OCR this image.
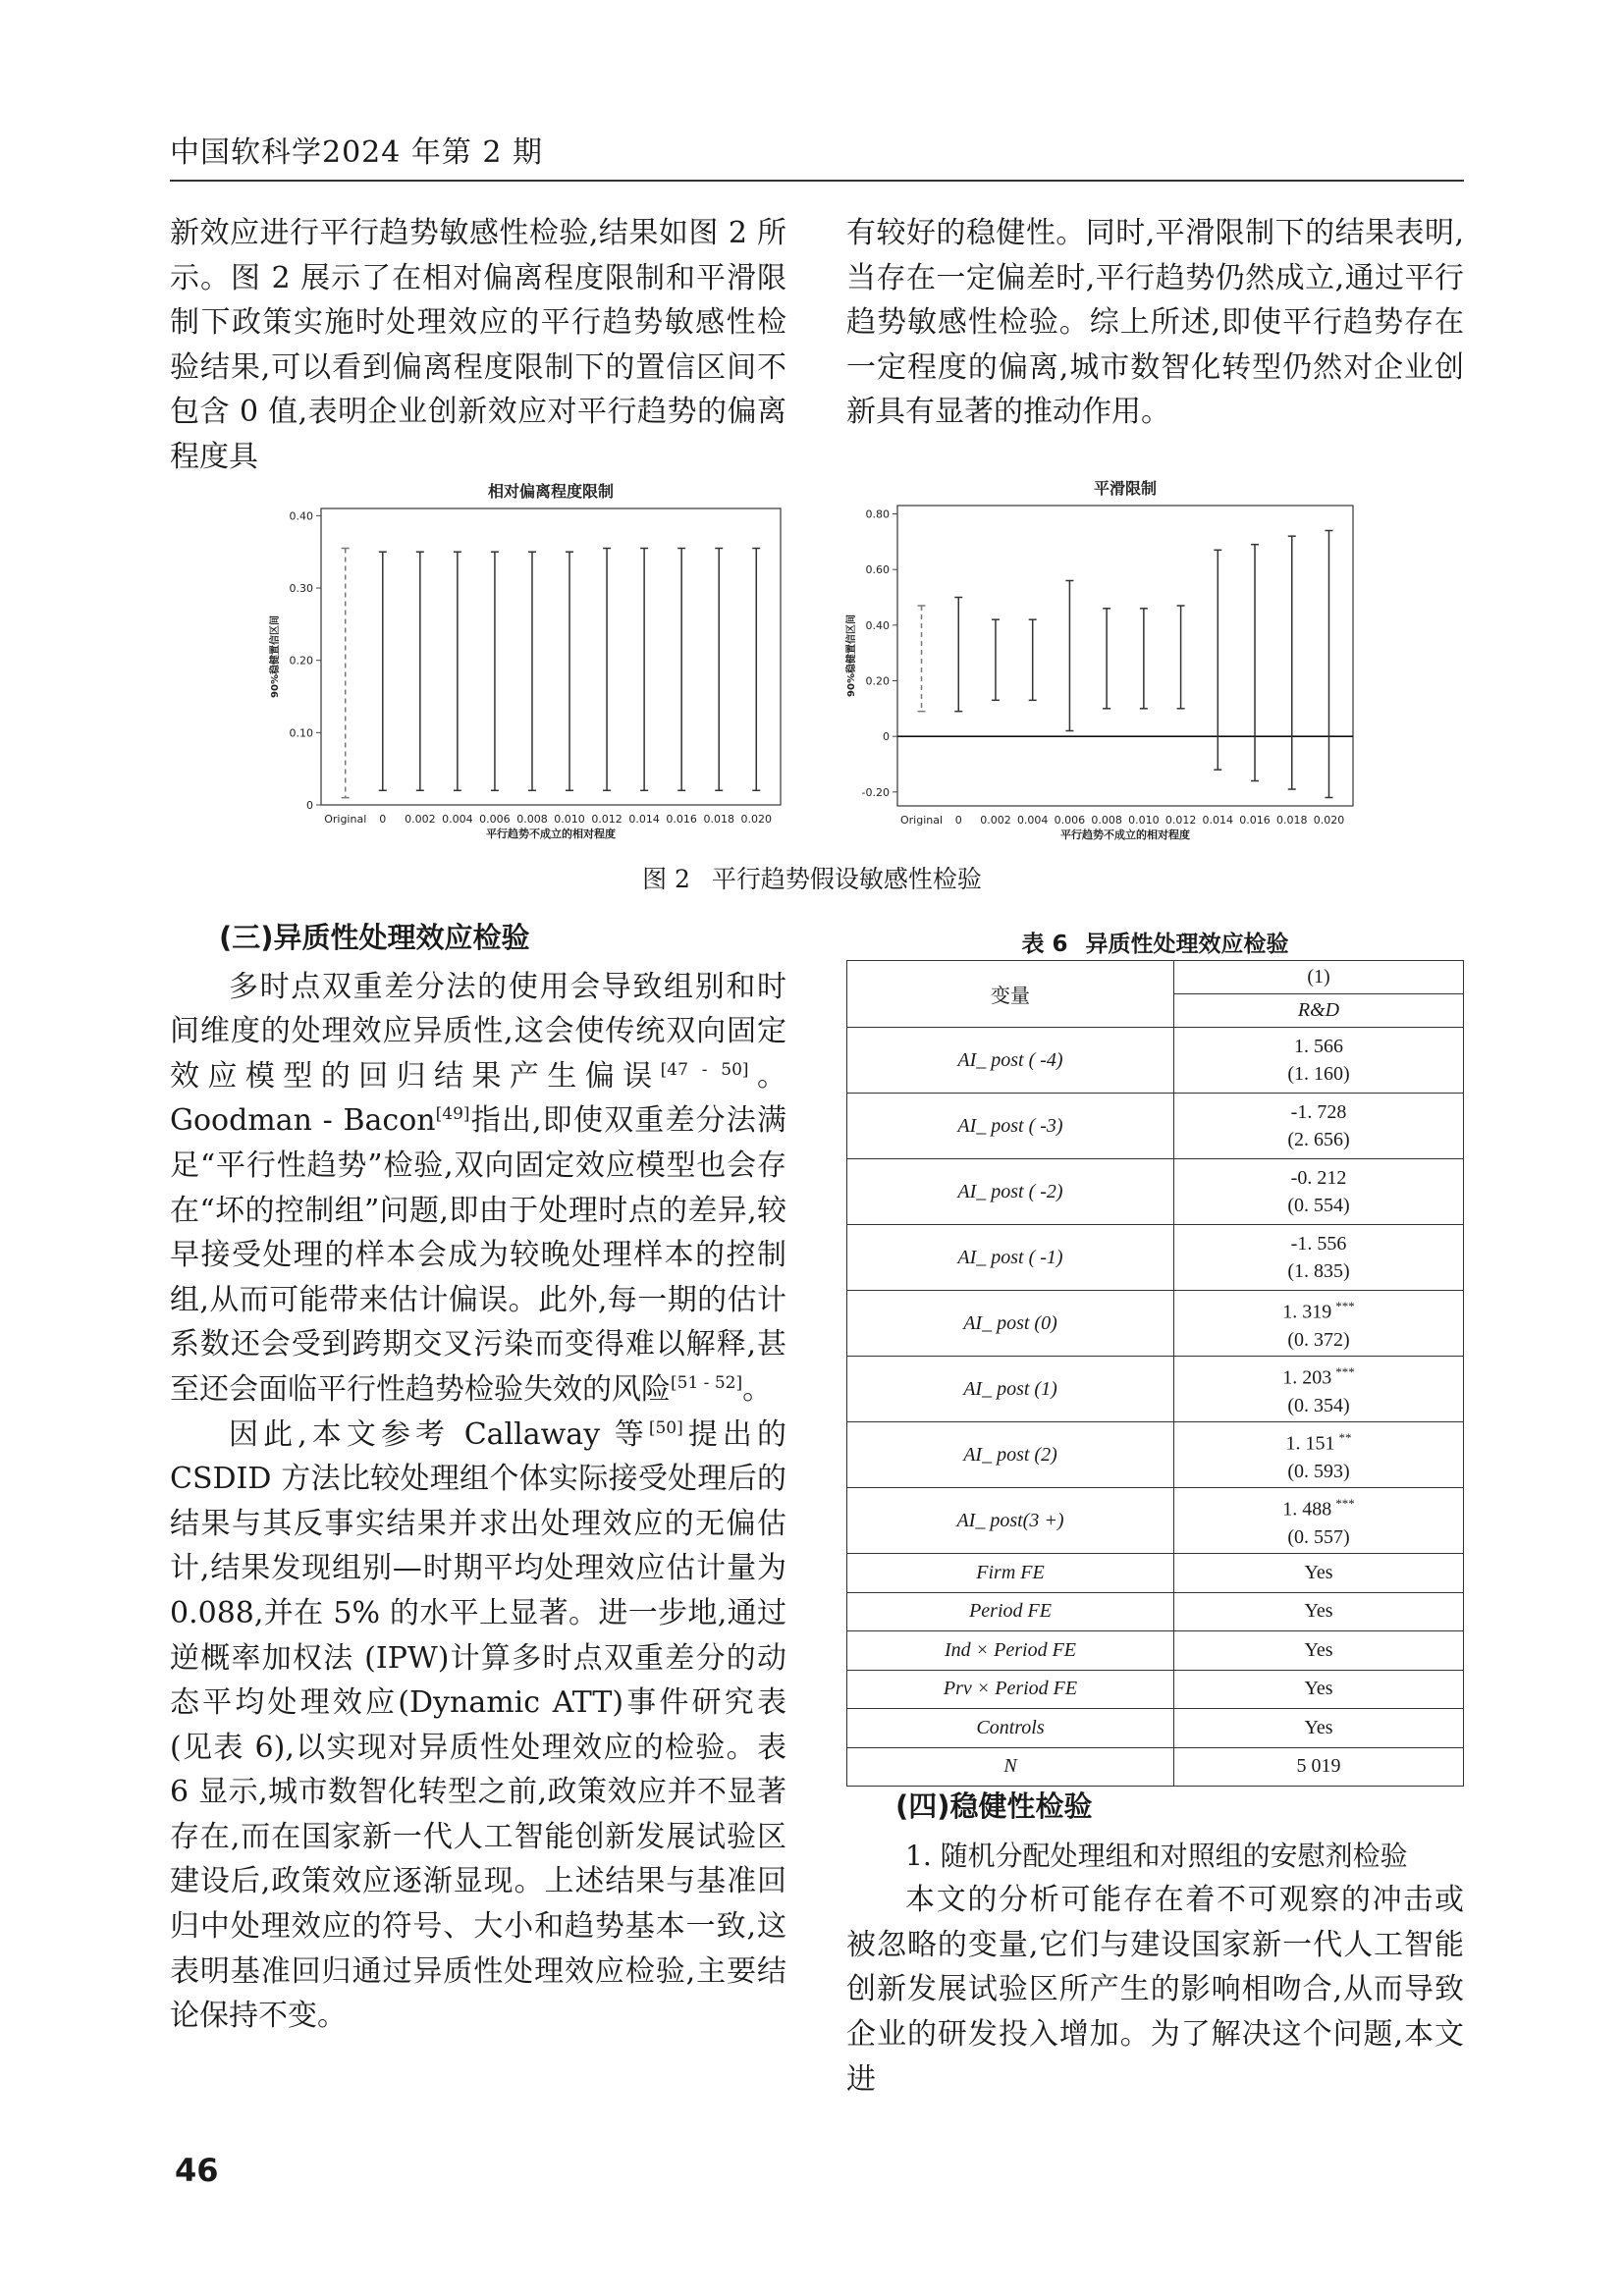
中国软科学2024 年第 2 期

新效应进行平行趋势敏感性检验,结果如图 2 所示。图 2 展示了在相对偏离程度限制和平滑限制下政策实施时处理效应的平行趋势敏感性检验结果,可以看到偏离程度限制下的置信区间不包含 0 值,表明企业创新效应对平行趋势的偏离程度具

有较好的稳健性。同时,平滑限制下的结果表明,当存在一定偏差时,平行趋势仍然成立,通过平行趋势敏感性检验。综上所述,即使平行趋势存在一定程度的偏离,城市数智化转型仍然对企业创新具有显著的推动作用。

相对偏离程度限制
0
0.10
0.20
0.30
0.40
Original 0 0.002 0.004 0.006 0.008 0.010 0.012 0.014 0.016 0.018 0.020
平行趋势不成立的相对程度
90%稳健置信区间
平滑限制
-0.20
0
0.20
0.40
0.60
0.80
Original 0 0.002 0.004 0.006 0.008 0.010 0.012 0.014 0.016 0.018 0.020
平行趋势不成立的相对程度
90%稳健置信区间
图 2 平行趋势假设敏感性检验

(三)异质性处理效应检验

多时点双重差分法的使用会导致组别和时间维度的处理效应异质性,这会使传统双向固定效应模型的回归结果产生偏误[47 - 50]。Goodman - Bacon[49]指出,即使双重差分法满足“平行性趋势”检验,双向固定效应模型也会存在“坏的控制组”问题,即由于处理时点的差异,较早接受处理的样本会成为较晚处理样本的控制组,从而可能带来估计偏误。此外,每一期的估计系数还会受到跨期交叉污染而变得难以解释,甚至还会面临平行性趋势检验失效的风险[51 - 52]。

因此,本文参考 Callaway 等[50]提出的 CSDID 方法比较处理组个体实际接受处理后的结果与其反事实结果并求出处理效应的无偏估计,结果发现组别—时期平均处理效应估计量为 0.088,并在 5% 的水平上显著。进一步地,通过逆概率加权法 (IPW)计算多时点双重差分的动态平均处理效应(Dynamic ATT)事件研究表(见表 6),以实现对异质性处理效应的检验。表 6 显示,城市数智化转型之前,政策效应并不显著存在,而在国家新一代人工智能创新发展试验区建设后,政策效应逐渐显现。上述结果与基准回归中处理效应的符号、大小和趋势基本一致,这表明基准回归通过异质性处理效应检验,主要结论保持不变。

表 6 异质性处理效应检验
变量	(1)
	R&D
AI_ post ( -4)	1. 566
(1. 160)

AI_ post ( -3)	-1. 728
(2. 656)

AI_ post ( -2)	-0. 212
(0. 554)

AI_ post ( -1)	-1. 556
(1. 835)

AI_ post (0)	1. 319 ***
(0. 372)

AI_ post (1)	1. 203 ***
(0. 354)

AI_ post (2)	1. 151 **
(0. 593)

AI_ post(3 +)	1. 488 ***
(0. 557)

Firm FE	Yes
Period FE	Yes
Ind × Period FE	Yes
Prv × Period FE	Yes
Controls	Yes
N	5 019

(四)稳健性检验

1. 随机分配处理组和对照组的安慰剂检验

本文的分析可能存在着不可观察的冲击或被忽略的变量,它们与建设国家新一代人工智能创新发展试验区所产生的影响相吻合,从而导致企业的研发投入增加。为了解决这个问题,本文进

46
